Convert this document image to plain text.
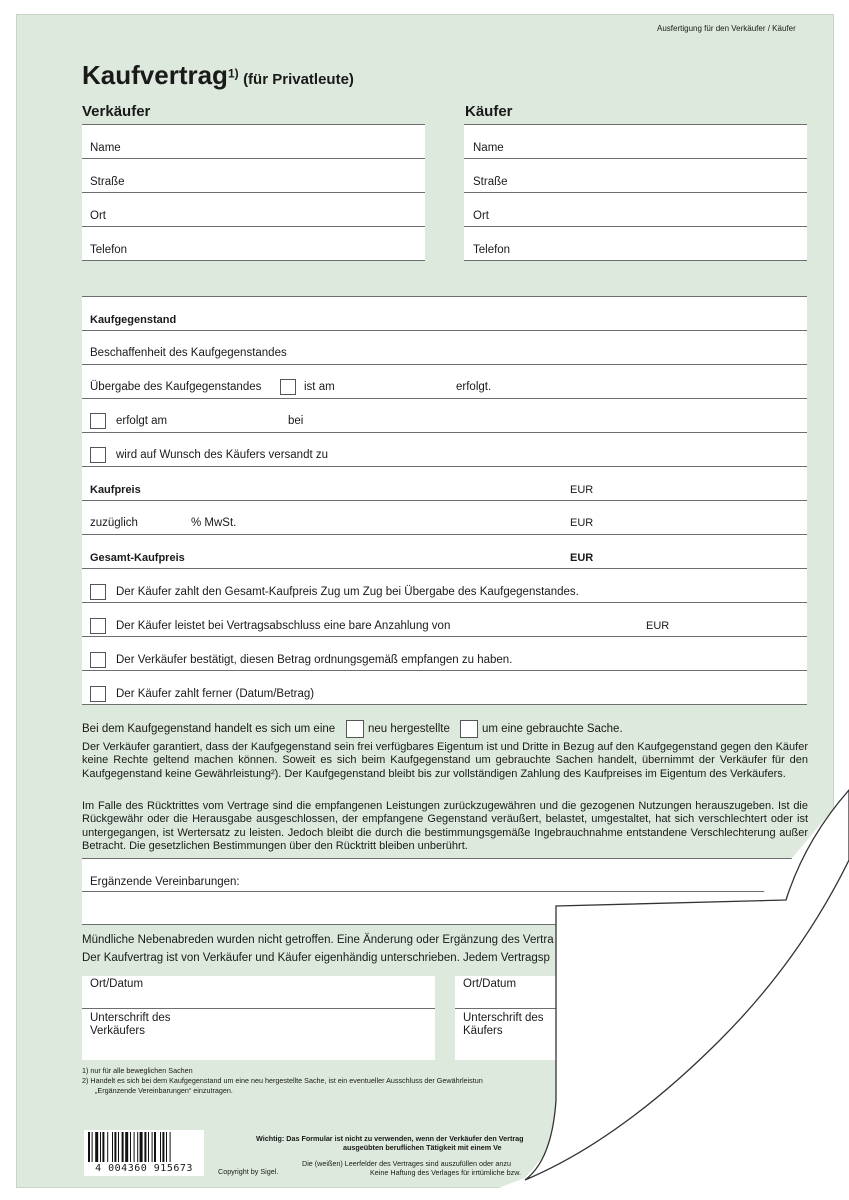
Ausfertigung für den Verkäufer / Käufer
Kaufvertrag$^{1)}$ (für Privatleute)
Verkäufer	Käufer
Name
Straße
Ort
Telefon
Name
Straße
Ort
Telefon
Kaufgegenstand
Beschaffenheit des Kaufgegenstandes
Übergabe des Kaufgegenstandes	ist am	erfolgt.
erfolgt am	bei
wird auf Wunsch des Käufers versandt zu
Kaufpreis	EUR
zuzüglich	% MwSt.	EUR
Gesamt-Kaufpreis	EUR
Der Käufer zahlt den Gesamt-Kaufpreis Zug um Zug bei Übergabe des Kaufgegenstandes.
Der Käufer leistet bei Vertragsabschluss eine bare Anzahlung von	EUR
Der Verkäufer bestätigt, diesen Betrag ordnungsgemäß empfangen zu haben.
Der Käufer zahlt ferner (Datum/Betrag)
Bei dem Kaufgegenstand handelt es sich um eine	neu hergestellte	um eine gebrauchte Sache.
Der Verkäufer garantiert, dass der Kaufgegenstand sein frei verfügbares Eigentum ist und Dritte in Bezug auf den Kaufgegenstand gegen den Käufer keine Rechte geltend machen können. Soweit es sich beim Kaufgegenstand um gebrauchte Sachen handelt, übernimmt der Verkäufer für den Kaufgegenstand keine Gewährleistung²). Der Kaufgegenstand bleibt bis zur vollständigen Zahlung des Kaufpreises im Eigentum des Verkäufers.
Im Falle des Rücktrittes vom Vertrage sind die empfangenen Leistungen zurückzugewähren und die gezogenen Nutzungen herauszugeben. Ist die Rückgewähr oder die Herausgabe ausgeschlossen, der empfangene Gegenstand veräußert, belastet, umgestaltet, hat sich verschlechtert oder ist untergegangen, ist Wertersatz zu leisten. Jedoch bleibt die durch die bestimmungsgemäße Ingebrauchnahme entstandene Verschlechterung außer Betracht. Die gesetzlichen Bestimmungen über den Rücktritt bleiben unberührt.
Ergänzende Vereinbarungen:
Mündliche Nebenabreden wurden nicht getroffen. Eine Änderung oder Ergänzung des Vertra
Der Kaufvertrag ist von Verkäufer und Käufer eigenhändig unterschrieben. Jedem Vertragsp
Ort/Datum
Unterschrift des
Verkäufers
Ort/Datum
Unterschrift des
Käufers
1) nur für alle beweglichen Sachen
2) Handelt es sich bei dem Kaufgegenstand um eine neu hergestellte Sache, ist ein eventueller Ausschluss der Gewährleistun
„Ergänzende Vereinbarungen“ einzutragen.
4 004360 915673
Wichtig: Das Formular ist nicht zu verwenden, wenn der Verkäufer den Vertrag
ausgeübten beruflichen Tätigkeit mit einem Ve
Die (weißen) Leerfelder des Vertrages sind auszufüllen oder anzu
Keine Haftung des Verlages für irrtümliche bzw.
Copyright by Sigel.
